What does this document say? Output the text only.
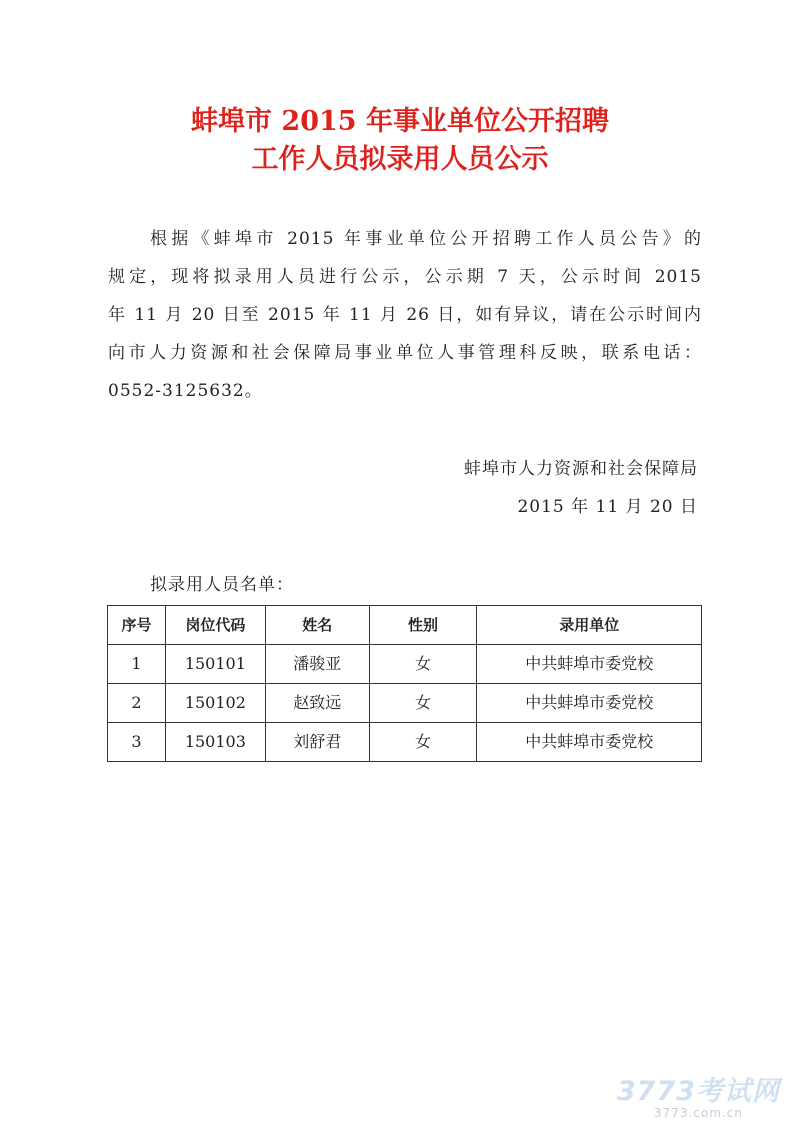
蚌埠市 2015 年事业单位公开招聘
工作人员拟录用人员公示
根据《蚌埠市 2015 年事业单位公开招聘工作人员公告》的
规定，现将拟录用人员进行公示，公示期 7 天，公示时间 2015
年 11 月 20 日至 2015 年 11 月 26 日，如有异议，请在公示时间内
向市人力资源和社会保障局事业单位人事管理科反映，联系电话：
0552-3125632。
蚌埠市人力资源和社会保障局
2015 年 11 月 20 日
拟录用人员名单：
序号	岗位代码	姓名	性别	录用单位
1	150101	潘骏亚	女	中共蚌埠市委党校
2	150102	赵致远	女	中共蚌埠市委党校
3	150103	刘舒君	女	中共蚌埠市委党校
3773考试网
3773.com.cn
